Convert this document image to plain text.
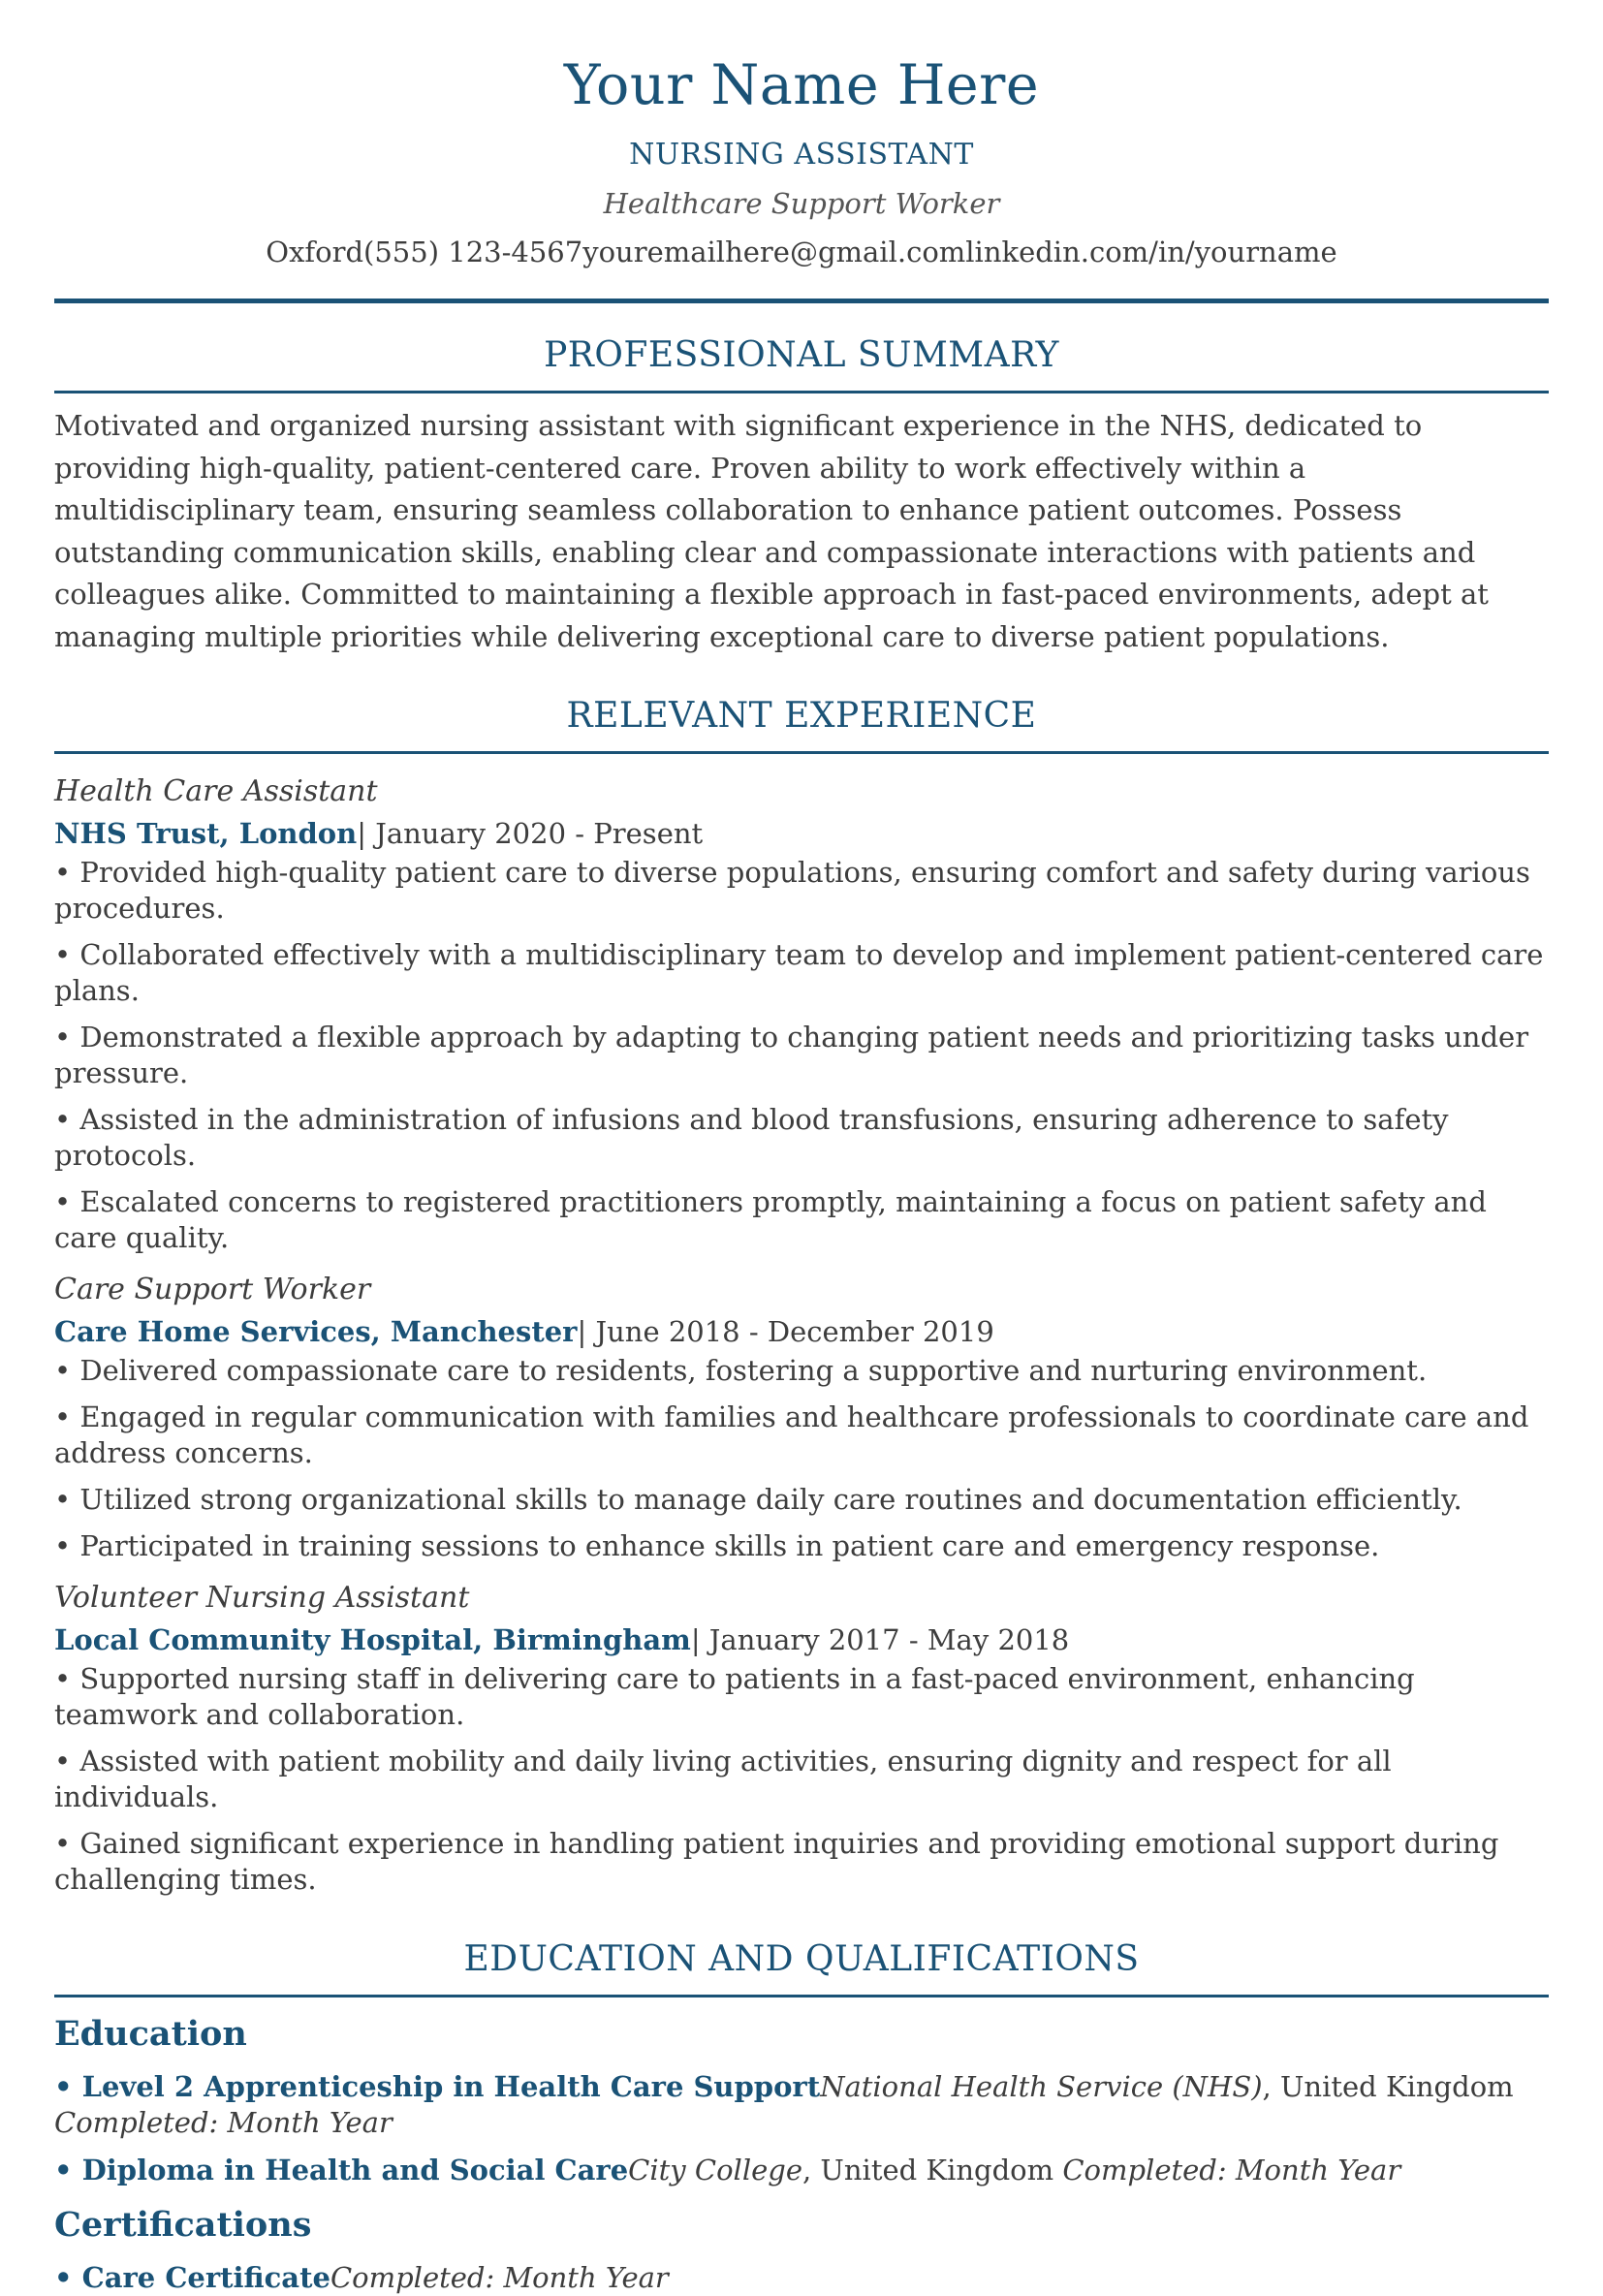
Your Name Here
NURSING ASSISTANT
Healthcare Support Worker
Oxford(555) 123-4567youremailhere@gmail.comlinkedin.com/in/yourname
PROFESSIONAL SUMMARY
Motivated and organized nursing assistant with significant experience in the NHS, dedicated to providing high-quality, patient-centered care. Proven ability to work effectively within a multidisciplinary team, ensuring seamless collaboration to enhance patient outcomes. Possess outstanding communication skills, enabling clear and compassionate interactions with patients and colleagues alike. Committed to maintaining a flexible approach in fast-paced environments, adept at managing multiple priorities while delivering exceptional care to diverse patient populations.
RELEVANT EXPERIENCE
Health Care Assistant
NHS Trust, London| January 2020 - Present
• Provided high-quality patient care to diverse populations, ensuring comfort and safety during various procedures.
• Collaborated effectively with a multidisciplinary team to develop and implement patient-centered care plans.
• Demonstrated a flexible approach by adapting to changing patient needs and prioritizing tasks under pressure.
• Assisted in the administration of infusions and blood transfusions, ensuring adherence to safety protocols.
• Escalated concerns to registered practitioners promptly, maintaining a focus on patient safety and care quality.
Care Support Worker
Care Home Services, Manchester| June 2018 - December 2019
• Delivered compassionate care to residents, fostering a supportive and nurturing environment.
• Engaged in regular communication with families and healthcare professionals to coordinate care and address concerns.
• Utilized strong organizational skills to manage daily care routines and documentation efficiently.
• Participated in training sessions to enhance skills in patient care and emergency response.
Volunteer Nursing Assistant
Local Community Hospital, Birmingham| January 2017 - May 2018
• Supported nursing staff in delivering care to patients in a fast-paced environment, enhancing teamwork and collaboration.
• Assisted with patient mobility and daily living activities, ensuring dignity and respect for all individuals.
• Gained significant experience in handling patient inquiries and providing emotional support during challenging times.
EDUCATION AND QUALIFICATIONS
Education
• Level 2 Apprenticeship in Health Care SupportNational Health Service (NHS), United Kingdom Completed: Month Year
• Diploma in Health and Social CareCity College, United Kingdom Completed: Month Year
Certifications
• Care CertificateCompleted: Month Year
